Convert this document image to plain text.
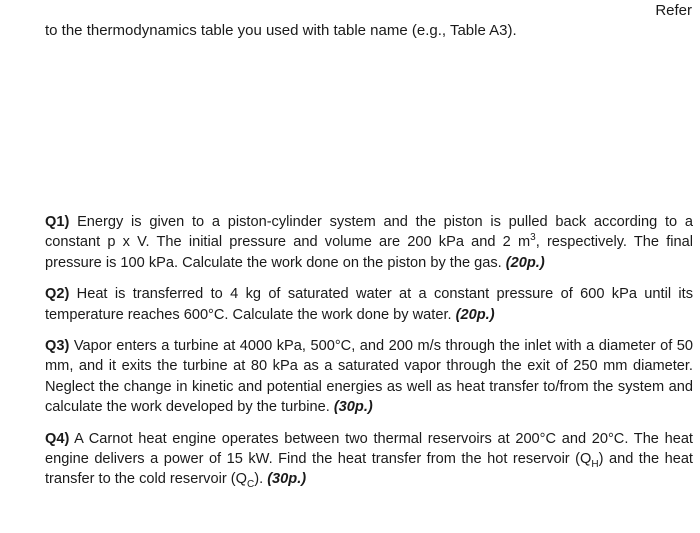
Refer
to the thermodynamics table you used with table name (e.g., Table A3).

Q1) Energy is given to a piston-cylinder system and the piston is pulled back according to a constant p x V. The initial pressure and volume are 200 kPa and 2 $m^3$, respectively. The final pressure is 100 kPa. Calculate the work done on the piston by the gas. (20p.)

Q2) Heat is transferred to 4 kg of saturated water at a constant pressure of 600 kPa until its temperature reaches 600°C. Calculate the work done by water. (20p.)

Q3) Vapor enters a turbine at 4000 kPa, 500°C, and 200 m/s through the inlet with a diameter of 50 mm, and it exits the turbine at 80 kPa as a saturated vapor through the exit of 250 mm diameter. Neglect the change in kinetic and potential energies as well as heat transfer to/from the system and calculate the work developed by the turbine. (30p.)

Q4) A Carnot heat engine operates between two thermal reservoirs at 200°C and 20°C. The heat engine delivers a power of 15 kW. Find the heat transfer from the hot reservoir $(Q_H)$ and the heat transfer to the cold reservoir $(Q_C)$. (30p.)
